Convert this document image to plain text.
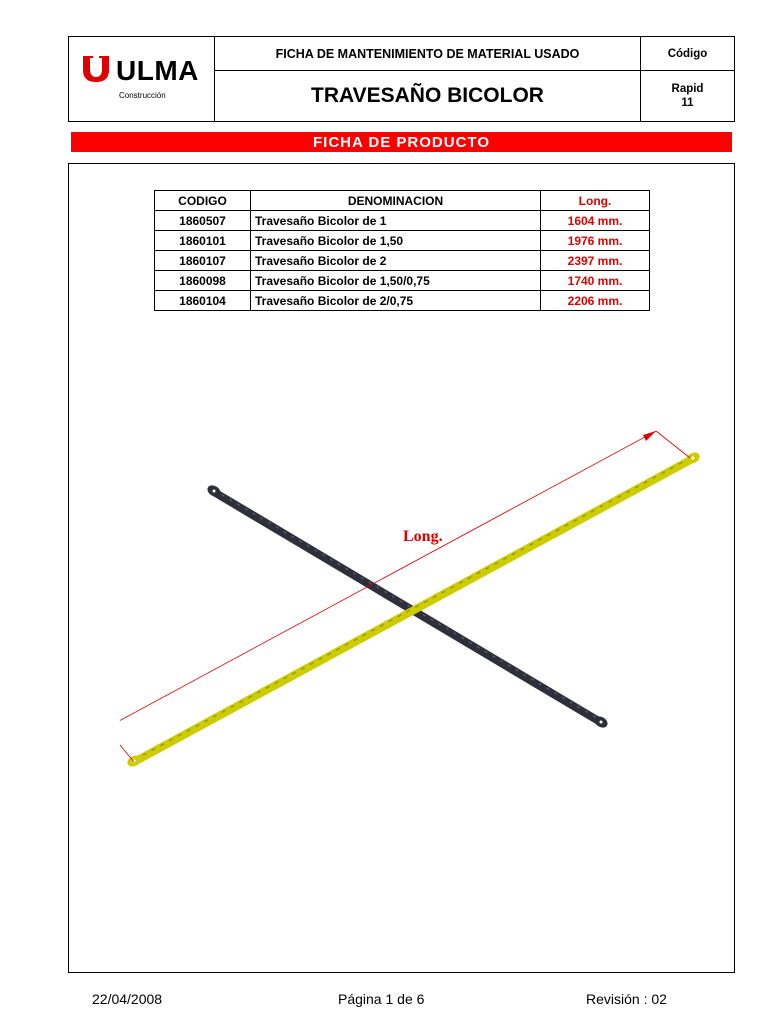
ULMA
Construcción
FICHA DE MANTENIMIENTO DE MATERIAL USADO	Código
TRAVESAÑO BICOLOR	Rapid
11
FICHA DE PRODUCTO
CODIGO	DENOMINACION	Long.
1860507	Travesaño Bicolor de 1	1604 mm.
1860101	Travesaño Bicolor de 1,50	1976 mm.
1860107	Travesaño Bicolor de 2	2397 mm.
1860098	Travesaño Bicolor de 1,50/0,75	1740 mm.
1860104	Travesaño Bicolor de 2/0,75	2206 mm.
Long.
22/04/2008	Página 1 de 6	Revisión : 02
